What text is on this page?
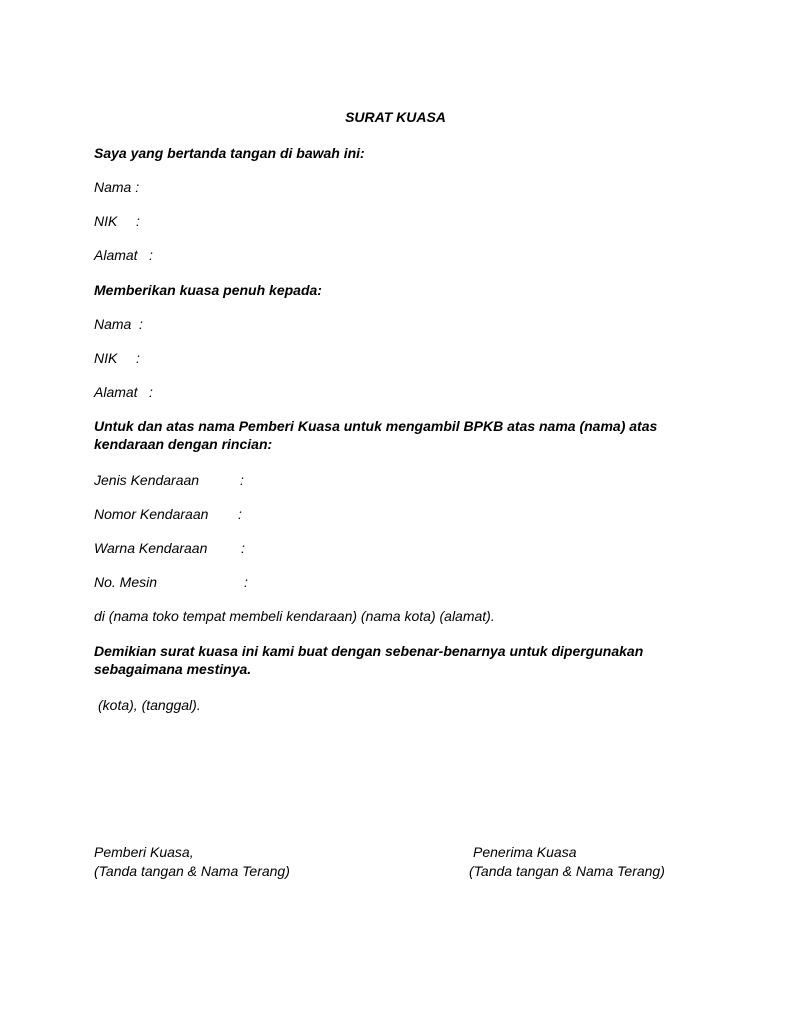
SURAT KUASA
Saya yang bertanda tangan di bawah ini:
Nama :
NIK :
Alamat :
Memberikan kuasa penuh kepada:
Nama :
NIK :
Alamat :
Untuk dan atas nama Pemberi Kuasa untuk mengambil BPKB atas nama (nama) atas kendaraan dengan rincian:
Jenis Kendaraan	:
Nomor Kendaraan :
Warna Kendaraan :
No. Mesin	:
di (nama toko tempat membeli kendaraan) (nama kota) (alamat).
Demikian surat kuasa ini kami buat dengan sebenar-benarnya untuk dipergunakan sebagaimana mestinya.
(kota), (tanggal).
Pemberi Kuasa,
(Tanda tangan & Nama Terang)
Penerima Kuasa
(Tanda tangan & Nama Terang)
